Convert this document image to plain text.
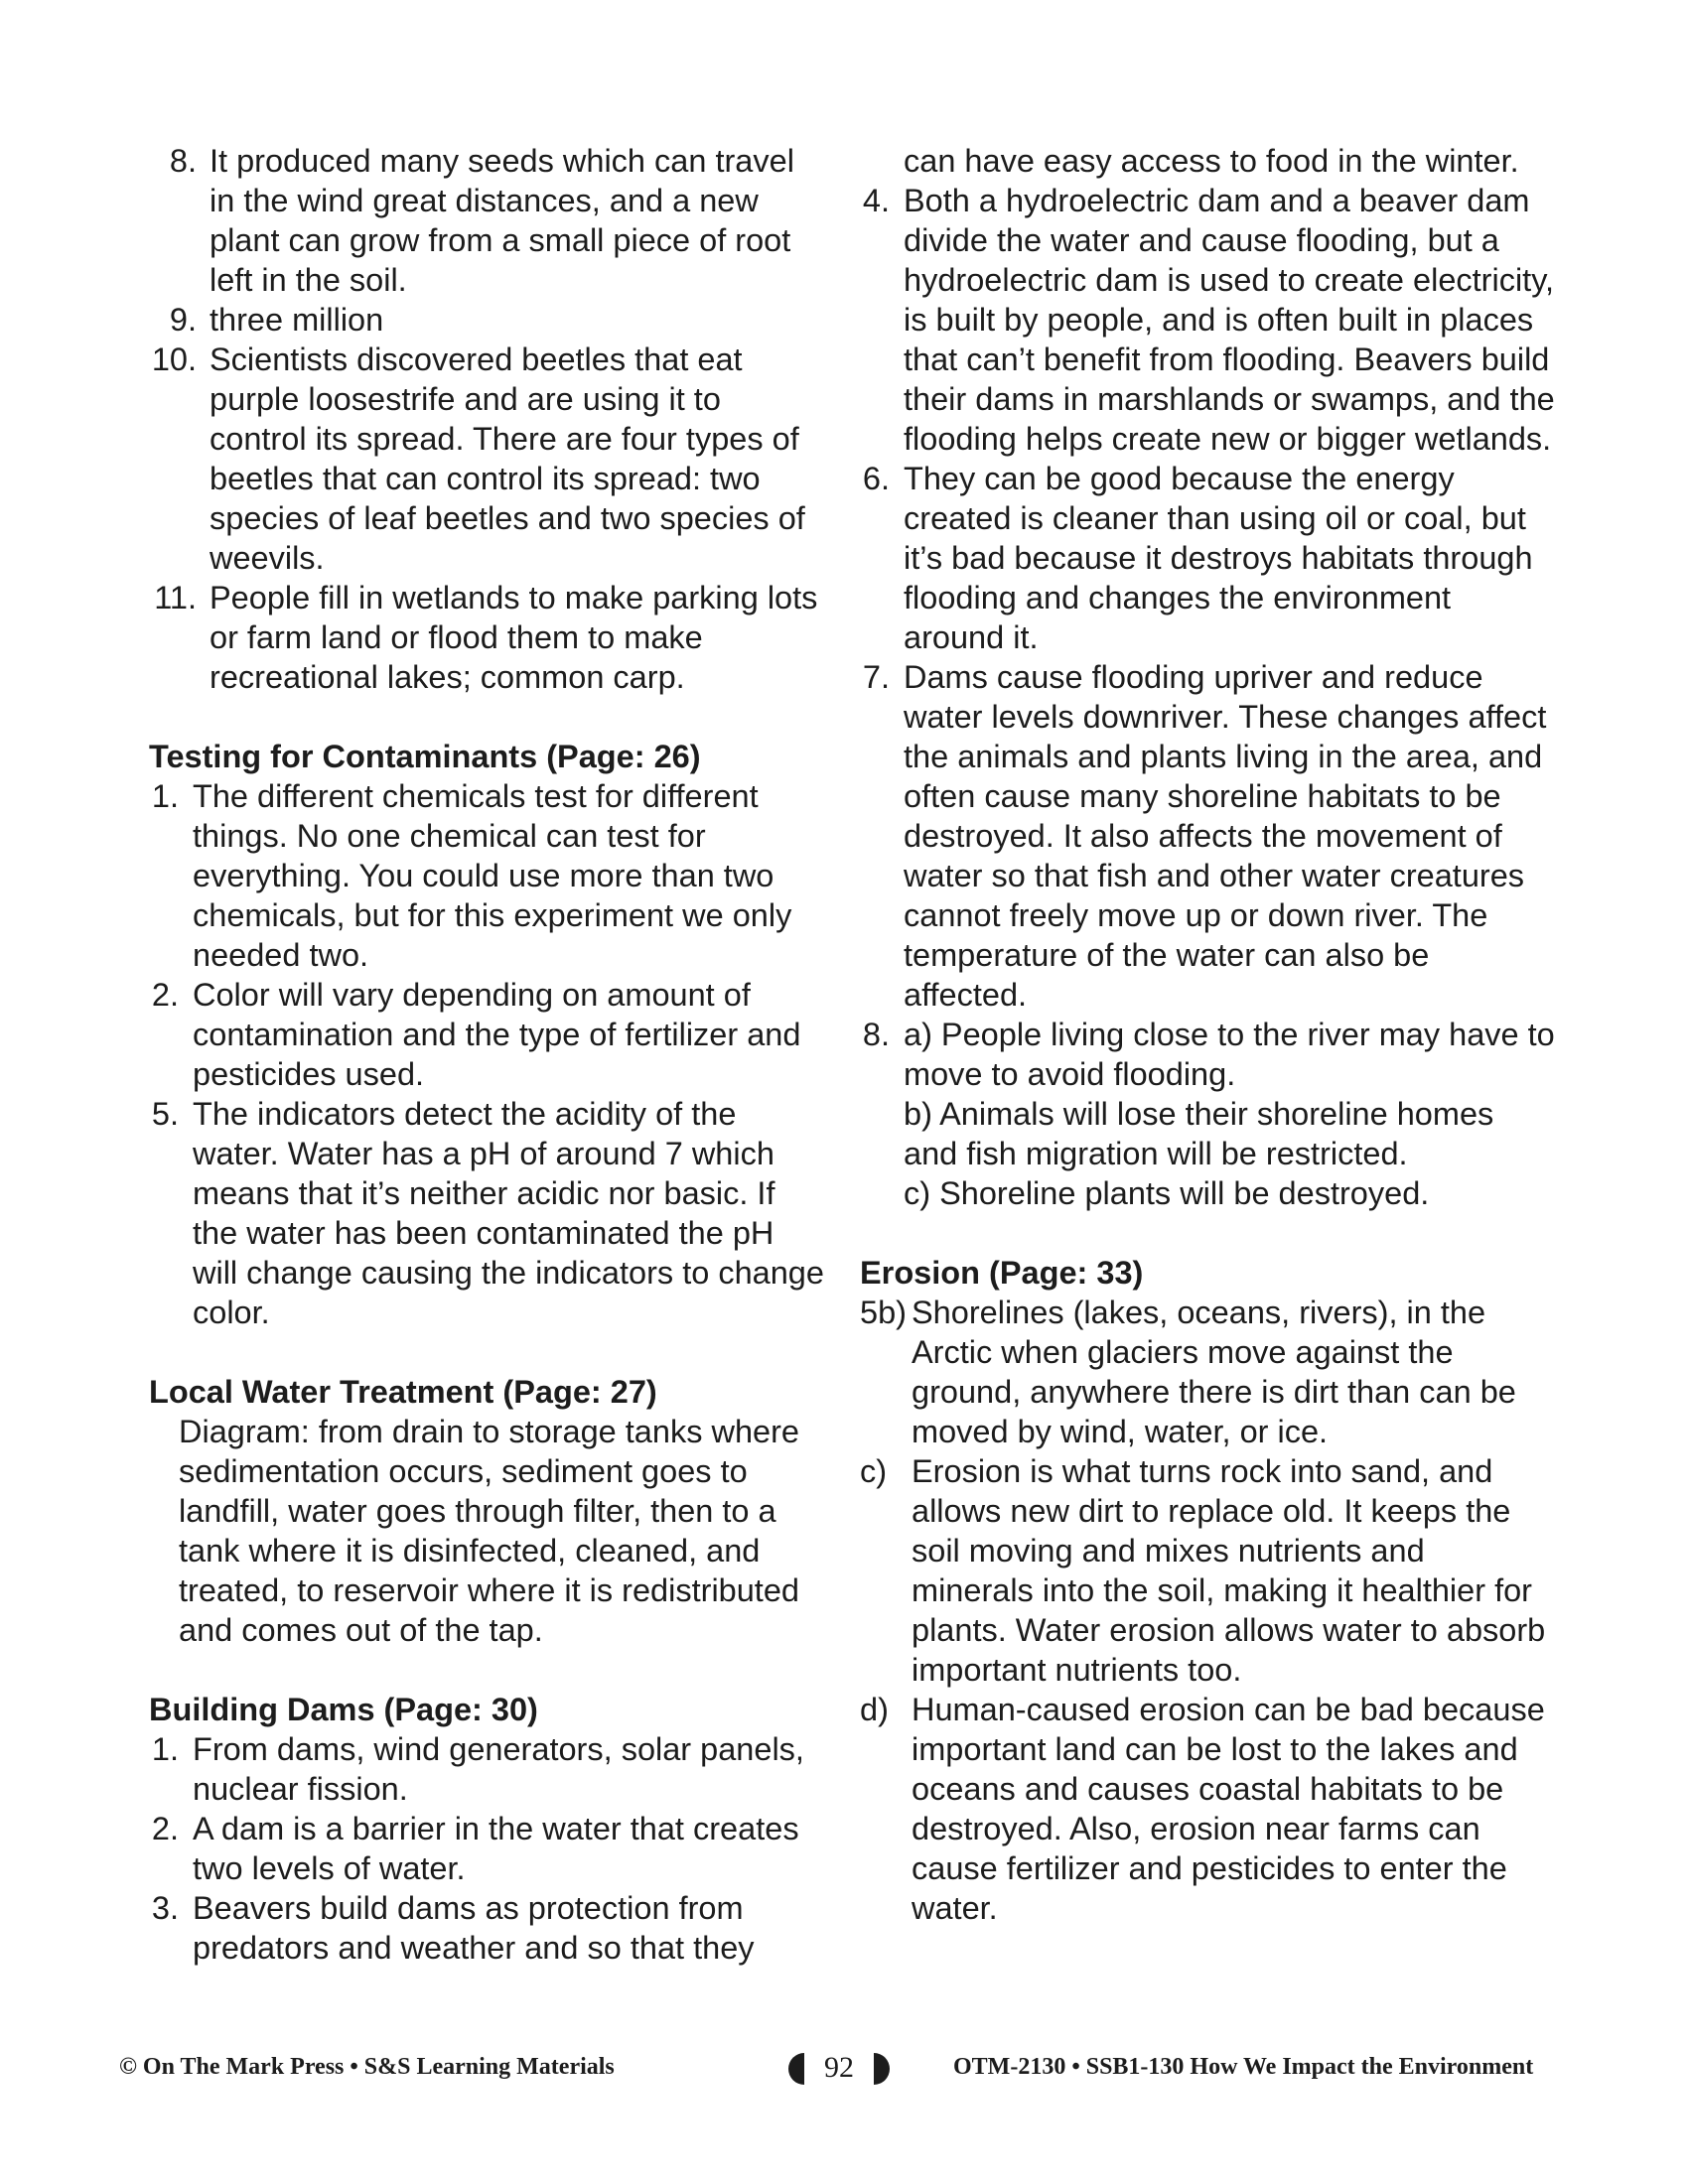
8. It produced many seeds which can travel in the wind great distances, and a new plant can grow from a small piece of root left in the soil.
9. three million
10. Scientists discovered beetles that eat purple loosestrife and are using it to control its spread. There are four types of beetles that can control its spread: two species of leaf beetles and two species of weevils.
11. People fill in wetlands to make parking lots or farm land or flood them to make recreational lakes; common carp.
Testing for Contaminants (Page: 26)
1. The different chemicals test for different things. No one chemical can test for everything. You could use more than two chemicals, but for this experiment we only needed two.
2. Color will vary depending on amount of contamination and the type of fertilizer and pesticides used.
5. The indicators detect the acidity of the water. Water has a pH of around 7 which means that it’s neither acidic nor basic. If the water has been contaminated the pH will change causing the indicators to change color.
Local Water Treatment (Page: 27)
Diagram: from drain to storage tanks where sedimentation occurs, sediment goes to landfill, water goes through filter, then to a tank where it is disinfected, cleaned, and treated, to reservoir where it is redistributed and comes out of the tap.
Building Dams (Page: 30)
1. From dams, wind generators, solar panels, nuclear fission.
2. A dam is a barrier in the water that creates two levels of water.
3. Beavers build dams as protection from predators and weather and so that they
can have easy access to food in the winter.
4. Both a hydroelectric dam and a beaver dam divide the water and cause flooding, but a hydroelectric dam is used to create electricity, is built by people, and is often built in places that can’t benefit from flooding. Beavers build their dams in marshlands or swamps, and the flooding helps create new or bigger wetlands.
6. They can be good because the energy created is cleaner than using oil or coal, but it’s bad because it destroys habitats through flooding and changes the environment around it.
7. Dams cause flooding upriver and reduce water levels downriver. These changes affect the animals and plants living in the area, and often cause many shoreline habitats to be destroyed. It also affects the movement of water so that fish and other water creatures cannot freely move up or down river. The temperature of the water can also be affected.
8. a) People living close to the river may have to move to avoid flooding.
b) Animals will lose their shoreline homes and fish migration will be restricted.
c) Shoreline plants will be destroyed.
Erosion (Page: 33)
5b) Shorelines (lakes, oceans, rivers), in the Arctic when glaciers move against the ground, anywhere there is dirt than can be moved by wind, water, or ice.
c) Erosion is what turns rock into sand, and allows new dirt to replace old. It keeps the soil moving and mixes nutrients and minerals into the soil, making it healthier for plants. Water erosion allows water to absorb important nutrients too.
d) Human-caused erosion can be bad because important land can be lost to the lakes and oceans and causes coastal habitats to be destroyed. Also, erosion near farms can cause fertilizer and pesticides to enter the water.
© On The Mark Press • S&S Learning Materials	92	OTM-2130 • SSB1-130 How We Impact the Environment
